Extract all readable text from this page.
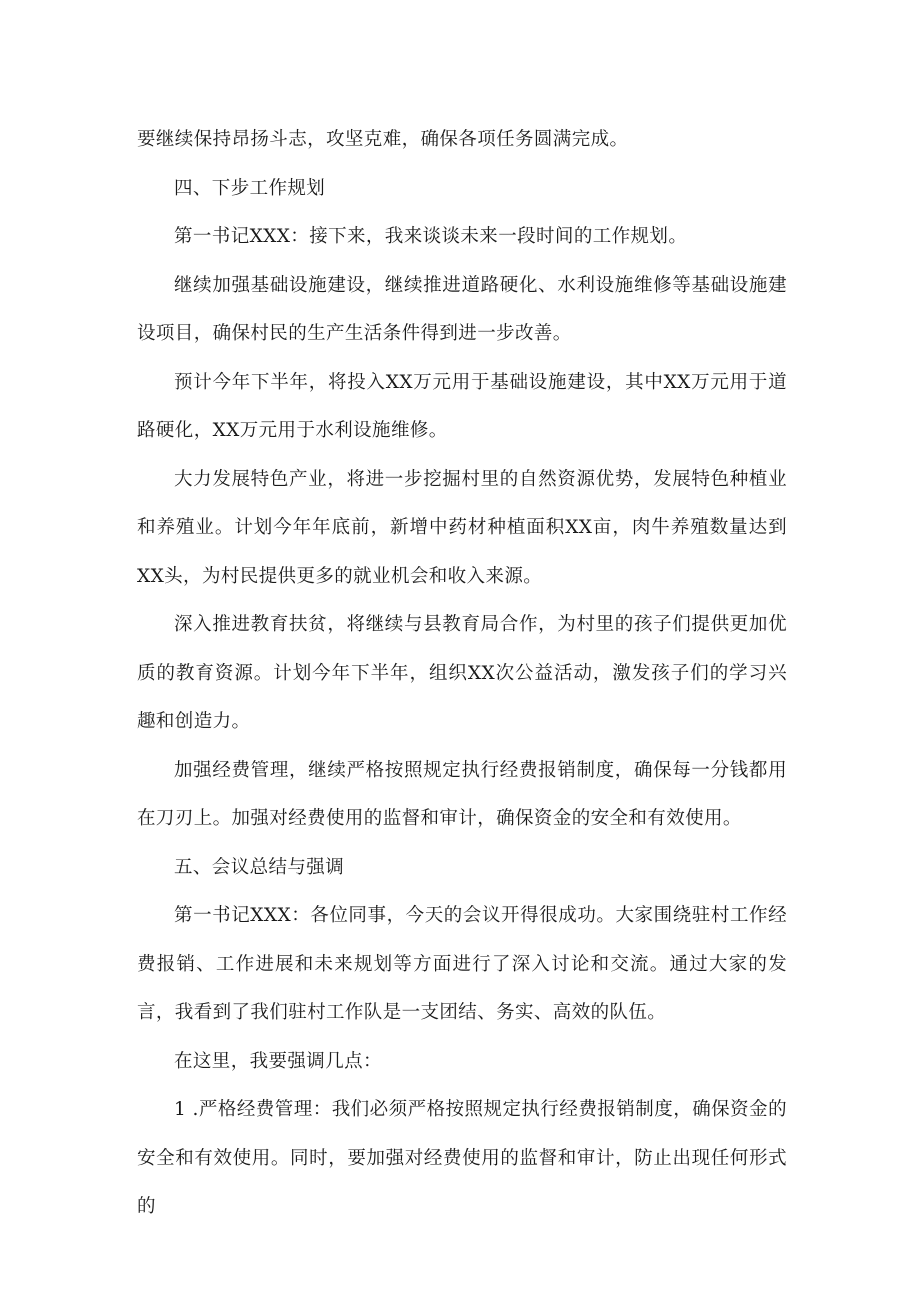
要继续保持昂扬斗志，攻坚克难，确保各项任务圆满完成。

四、下步工作规划

第一书记XXX：接下来，我来谈谈未来一段时间的工作规划。

继续加强基础设施建设，继续推进道路硬化、水利设施维修等基础设施建设项目，确保村民的生产生活条件得到进一步改善。

预计今年下半年，将投入XX万元用于基础设施建设，其中XX万元用于道路硬化，XX万元用于水利设施维修。

大力发展特色产业，将进一步挖掘村里的自然资源优势，发展特色种植业和养殖业。计划今年年底前，新增中药材种植面积XX亩，肉牛养殖数量达到XX头，为村民提供更多的就业机会和收入来源。

深入推进教育扶贫，将继续与县教育局合作，为村里的孩子们提供更加优质的教育资源。计划今年下半年，组织XX次公益活动，激发孩子们的学习兴趣和创造力。

加强经费管理，继续严格按照规定执行经费报销制度，确保每一分钱都用在刀刃上。加强对经费使用的监督和审计，确保资金的安全和有效使用。

五、会议总结与强调

第一书记XXX：各位同事，今天的会议开得很成功。大家围绕驻村工作经费报销、工作进展和未来规划等方面进行了深入讨论和交流。通过大家的发言，我看到了我们驻村工作队是一支团结、务实、高效的队伍。

在这里，我要强调几点：

1 .严格经费管理：我们必须严格按照规定执行经费报销制度，确保资金的安全和有效使用。同时，要加强对经费使用的监督和审计，防止出现任何形式的
